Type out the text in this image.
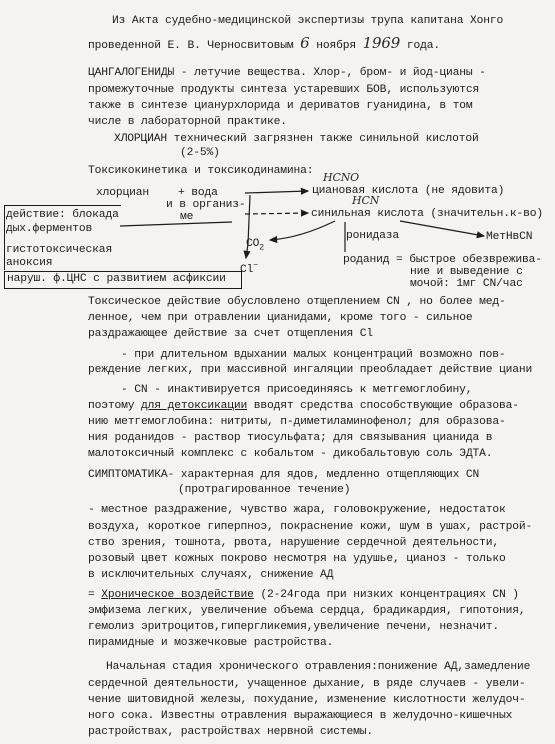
Из Акта судебно-медицинской экспертизы трупа капитана Хонго
проведенной Е. В. Черносвитовым 6 ноября 1969 года.
ЦАНГАЛОГЕНИДЫ - летучие вещества. Хлор-, бром- и йод-цианы -
промежуточные продукты синтеза устаревших БОВ, используются
также в синтезе цианурхлорида и дериватов гуанидина, в том
числе в лабораторной практике.
ХЛОРЦИАН технический загрязнен также синильной кислотой
(2-5%)
Токсикокинетика и токсикодинамина: НСNO
НСN
хлорциан	+ вода
и в организ-
ме
циановая кислота (не ядовита)
синильная кислота (значительн.к-во)
$СО_2$
Cl−
ронидаза	МетНвСN
роданид = быстрое обезврежива-
ние и выведение с
мочой: 1мг СN/час
действие: блокада
дых.ферментов
гистотоксическая
аноксия
наруш. ф.ЦНС с развитием асфиксии
Токсическое действие обусловлено отщеплением CN , но более мед-
ленное, чем при отравлении цианидами, кроме того - сильное
раздражающее действие за счет отщепления Cl
- при длительном вдыхании малых концентраций возможно пов-
реждение легких, при массивной ингаляции преобладает действие циани
- CN - инактивируется присоединяясь к метгемоглобину,
поэтому для детоксикации вводят средства способствующие образова-
нию метгемоглобина: нитриты, п-диметиламинофенол; для образова-
ния роданидов - раствор тиосульфата; для связывания цианида в
малотоксичный комплекс с кобальтом - дикобальтовую соль ЭДТА.
СИМПТОМАТИКА- характерная для ядов, медленно отщепляющих CN
(протрагированное течение)
- местное раздражение, чувство жара, головокружение, недостаток
воздуха, короткое гиперпноэ, покраснение кожи, шум в ушах, растрой-
ство зрения, тошнота, рвота, нарушение сердечной деятельности,
розовый цвет кожных покрово несмотря на удушье, цианоз - только
в исключительных случаях, снижение АД
= Хроническое воздействие (2-24года при низких концентрациях CN )
эмфизема легких, увеличение объема сердца, брадикардия, гипотония,
гемолиз эритроцитов,гипергликемия,увеличение печени, незначит.
пирамидные и мозжечковые растройства.
Начальная стадия хронического отравления:понижение АД,замедление
сердечной деятельности, учащенное дыхание, в ряде случаев - увели-
чение шитовидной железы, похудание, изменение кислотности желудоч-
ного сока. Известны отравления выражающиеся в желудочно-кишечных
растройствах, растройствах нервной системы.
